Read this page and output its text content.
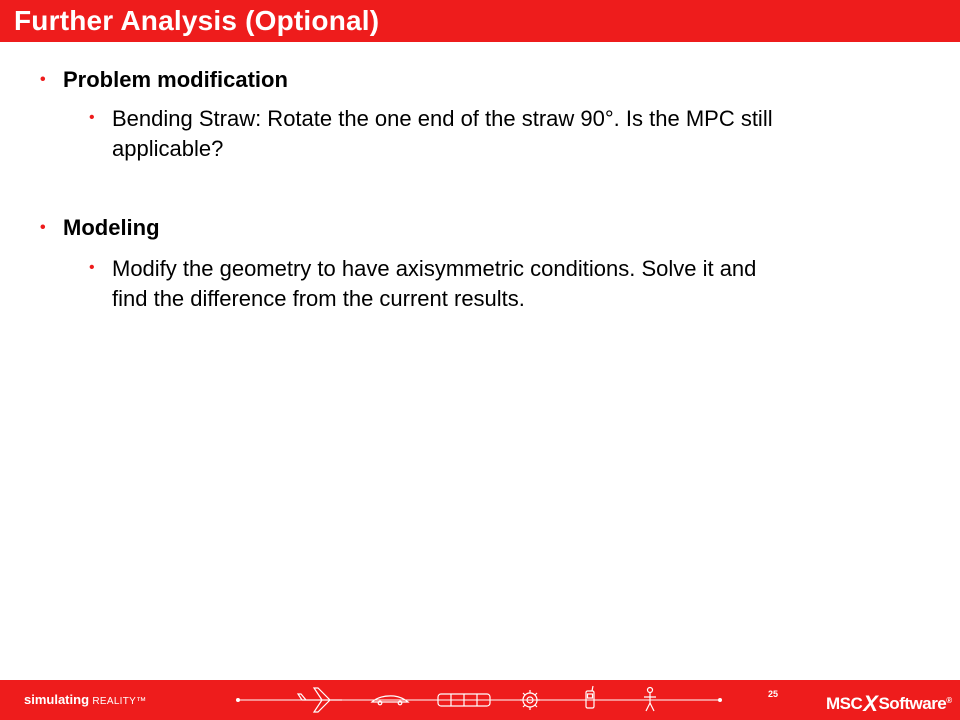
Further Analysis (Optional)
• Problem modification
• Bending Straw: Rotate the one end of the straw 90°. Is the MPC still
applicable?
• Modeling
• Modify the geometry to have axisymmetric conditions. Solve it and
find the difference from the current results.
simulating REALITY™
25	MSCXSoftware®
